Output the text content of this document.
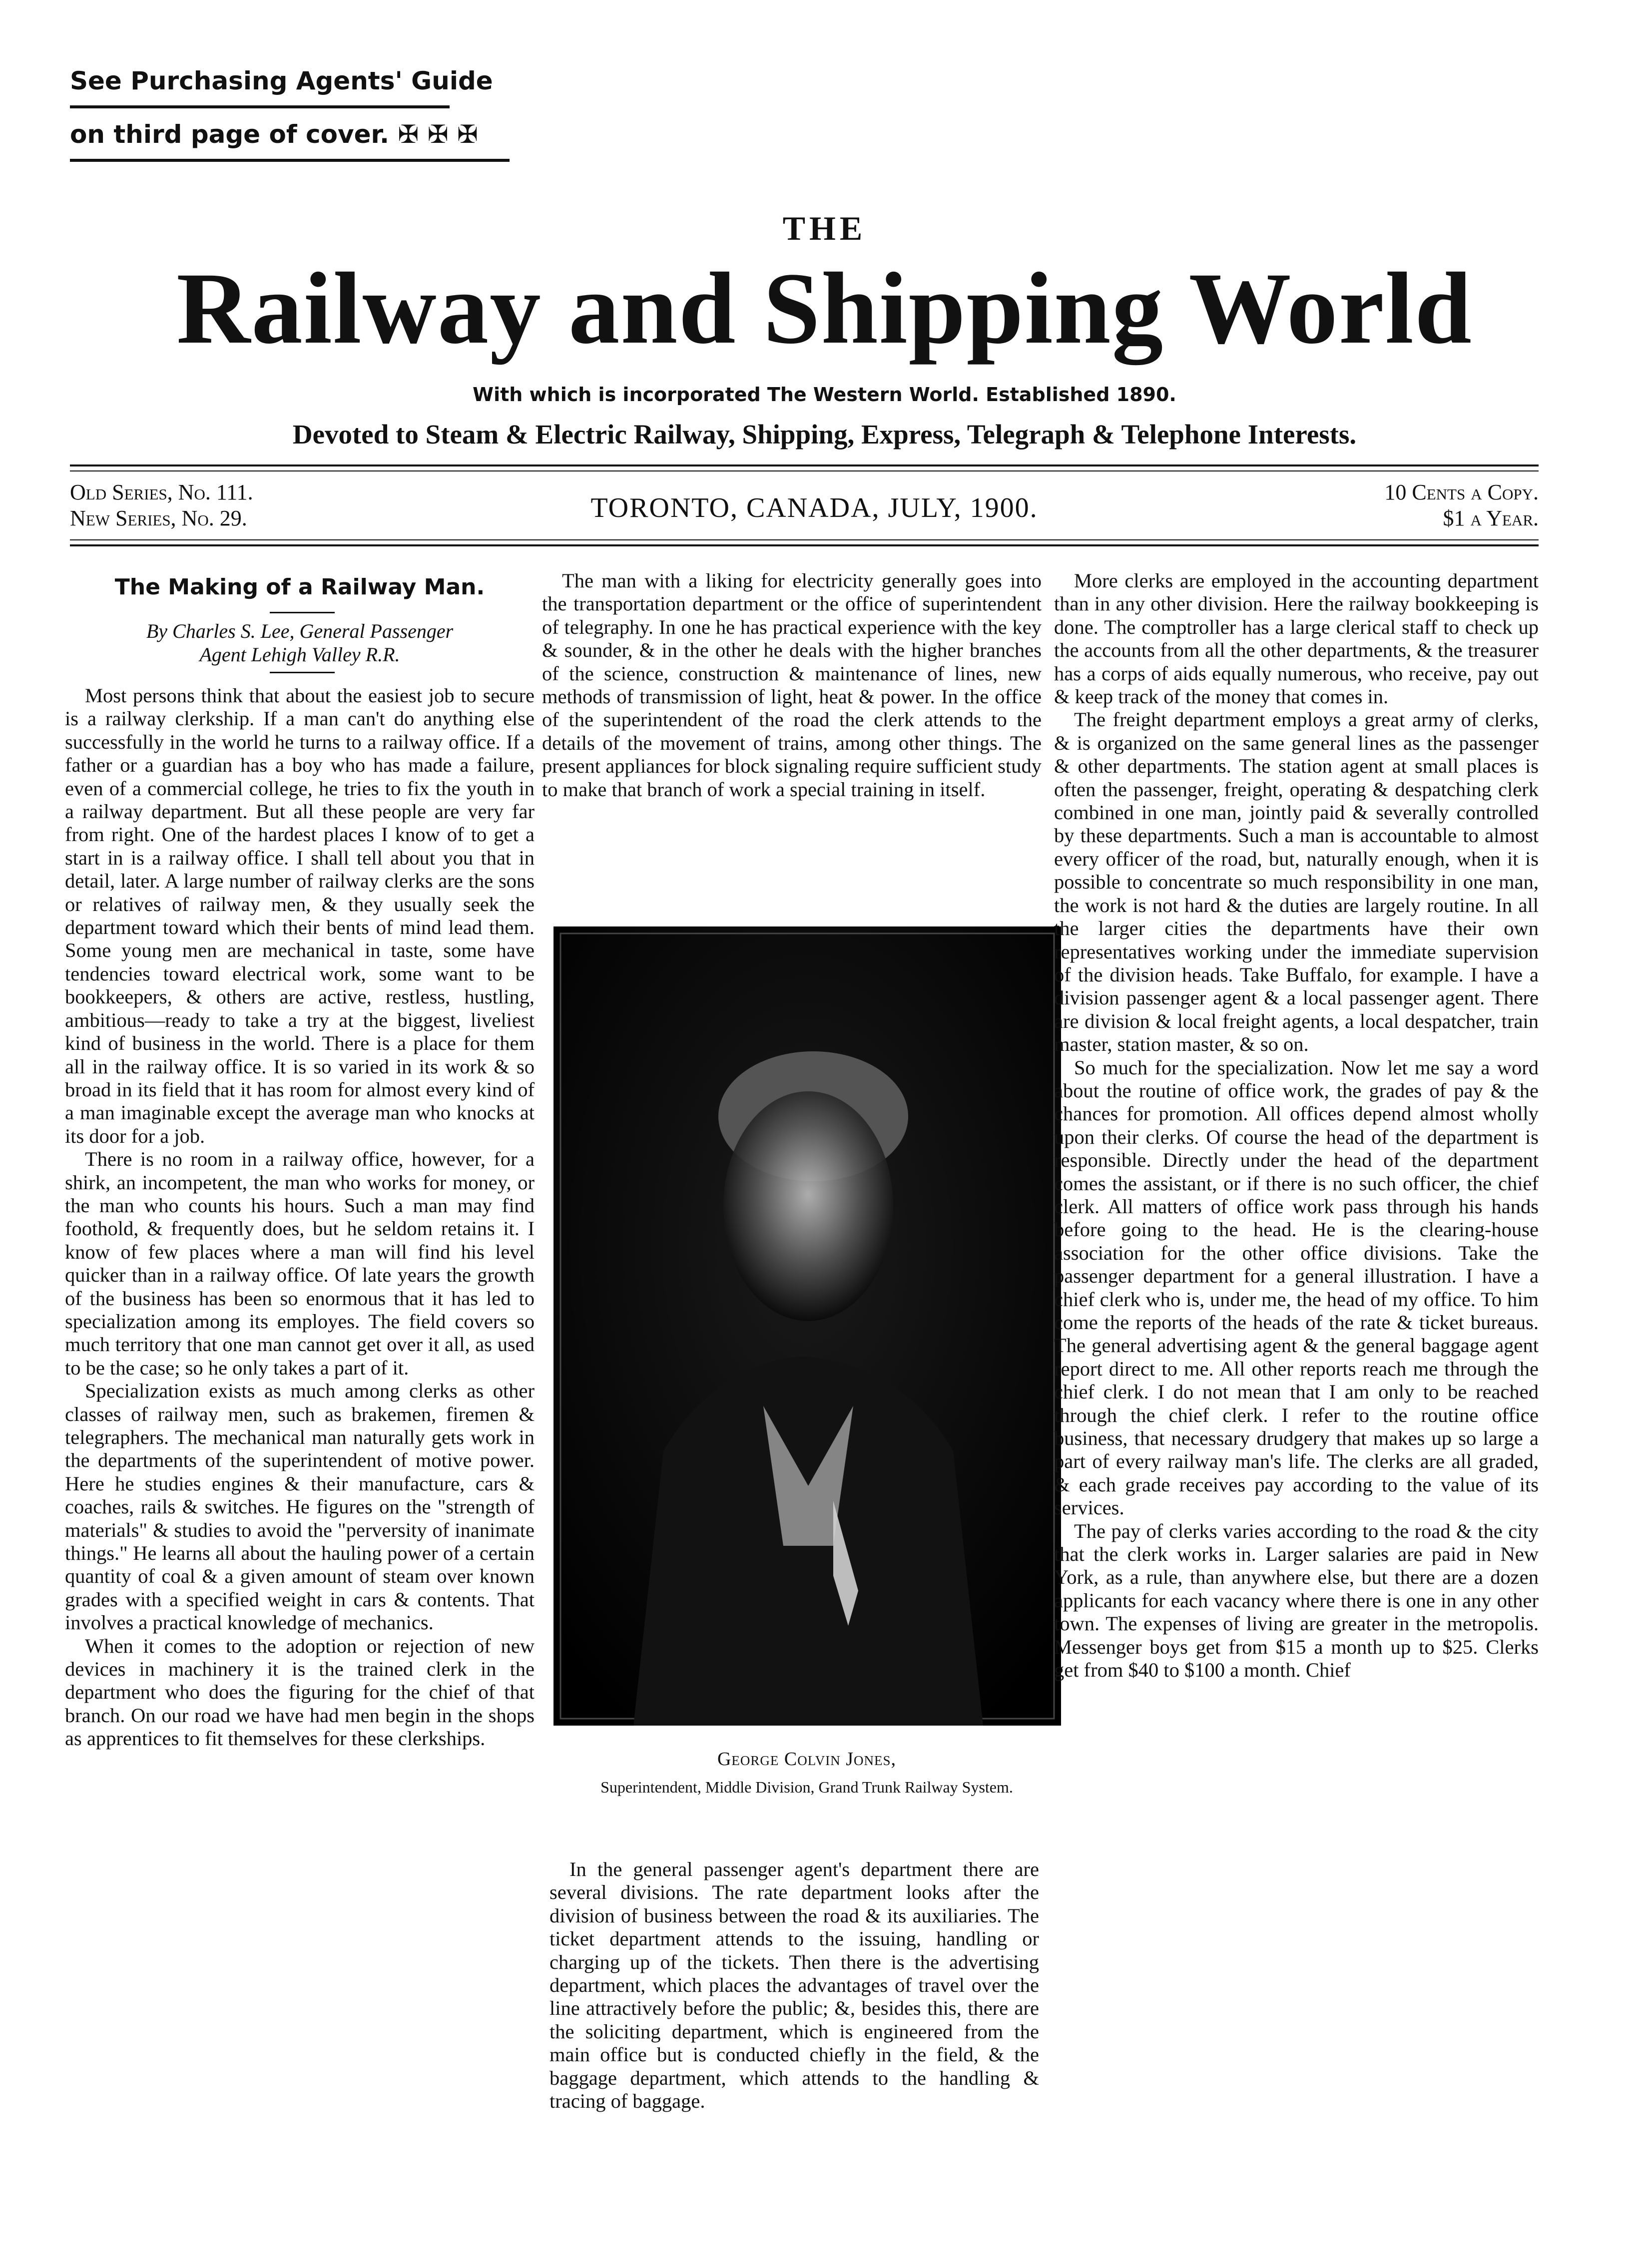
See Purchasing Agents' Guide
on third page of cover. ✠ ✠ ✠
THE
Railway and Shipping World
With which is incorporated The Western World. Established 1890.
Devoted to Steam & Electric Railway, Shipping, Express, Telegraph & Telephone Interests.
Old Series, No. 111.
New Series, No. 29.	TORONTO, CANADA, JULY, 1900.
10 Cents a Copy.
$1 a Year.
The Making of a Railway Man.
By Charles S. Lee, General Passenger
Agent Lehigh Valley R.R.

Most persons think that about the easiest job to secure is a railway clerkship. If a man can't do anything else successfully in the world he turns to a railway office. If a father or a guardian has a boy who has made a failure, even of a commercial college, he tries to fix the youth in a railway department. But all these people are very far from right. One of the hardest places I know of to get a start in is a railway office. I shall tell about you that in detail, later. A large number of railway clerks are the sons or relatives of railway men, & they usually seek the department toward which their bents of mind lead them. Some young men are mechanical in taste, some have tendencies toward electrical work, some want to be bookkeepers, & others are active, restless, hustling, ambitious—ready to take a try at the biggest, liveliest kind of business in the world. There is a place for them all in the railway office. It is so varied in its work & so broad in its field that it has room for almost every kind of a man imaginable except the average man who knocks at its door for a job.

There is no room in a railway office, however, for a shirk, an incompetent, the man who works for money, or the man who counts his hours. Such a man may find foothold, & frequently does, but he seldom retains it. I know of few places where a man will find his level quicker than in a railway office. Of late years the growth of the business has been so enormous that it has led to specialization among its employes. The field covers so much territory that one man cannot get over it all, as used to be the case; so he only takes a part of it.

Specialization exists as much among clerks as other classes of railway men, such as brakemen, firemen & telegraphers. The mechanical man naturally gets work in the departments of the superintendent of motive power. Here he studies engines & their manufacture, cars & coaches, rails & switches. He figures on the "strength of materials" & studies to avoid the "perversity of inanimate things." He learns all about the hauling power of a certain quantity of coal & a given amount of steam over known grades with a specified weight in cars & contents. That involves a practical knowledge of mechanics.

When it comes to the adoption or rejection of new devices in machinery it is the trained clerk in the department who does the figuring for the chief of that branch. On our road we have had men begin in the shops as apprentices to fit themselves for these clerkships.

The man with a liking for electricity generally goes into the transportation department or the office of superintendent of telegraphy. In one he has practical experience with the key & sounder, & in the other he deals with the higher branches of the science, construction & maintenance of lines, new methods of transmission of light, heat & power. In the office of the superintendent of the road the clerk attends to the details of the movement of trains, among other things. The present appliances for block signaling require sufficient study to make that branch of work a special training in itself.

George Colvin Jones,
Superintendent, Middle Division, Grand Trunk Railway System.

In the general passenger agent's department there are several divisions. The rate department looks after the division of business between the road & its auxiliaries. The ticket department attends to the issuing, handling or charging up of the tickets. Then there is the advertising department, which places the advantages of travel over the line attractively before the public; &, besides this, there are the soliciting department, which is engineered from the main office but is conducted chiefly in the field, & the baggage department, which attends to the handling & tracing of baggage.

More clerks are employed in the accounting department than in any other division. Here the railway bookkeeping is done. The comptroller has a large clerical staff to check up the accounts from all the other departments, & the treasurer has a corps of aids equally numerous, who receive, pay out & keep track of the money that comes in.

The freight department employs a great army of clerks, & is organized on the same general lines as the passenger & other departments. The station agent at small places is often the passenger, freight, operating & despatching clerk combined in one man, jointly paid & severally controlled by these departments. Such a man is accountable to almost every officer of the road, but, naturally enough, when it is possible to concentrate so much responsibility in one man, the work is not hard & the duties are largely routine. In all the larger cities the departments have their own representatives working under the immediate supervision of the division heads. Take Buffalo, for example. I have a division passenger agent & a local passenger agent. There are division & local freight agents, a local despatcher, train master, station master, & so on.

So much for the specialization. Now let me say a word about the routine of office work, the grades of pay & the chances for promotion. All offices depend almost wholly upon their clerks. Of course the head of the department is responsible. Directly under the head of the department comes the assistant, or if there is no such officer, the chief clerk. All matters of office work pass through his hands before going to the head. He is the clearing-house association for the other office divisions. Take the passenger department for a general illustration. I have a chief clerk who is, under me, the head of my office. To him come the reports of the heads of the rate & ticket bureaus. The general advertising agent & the general baggage agent report direct to me. All other reports reach me through the chief clerk. I do not mean that I am only to be reached through the chief clerk. I refer to the routine office business, that necessary drudgery that makes up so large a part of every railway man's life. The clerks are all graded, & each grade receives pay according to the value of its services.

The pay of clerks varies according to the road & the city that the clerk works in. Larger salaries are paid in New York, as a rule, than anywhere else, but there are a dozen applicants for each vacancy where there is one in any other town. The expenses of living are greater in the metropolis. Messenger boys get from $15 a month up to $25. Clerks get from $40 to $100 a month. Chief
